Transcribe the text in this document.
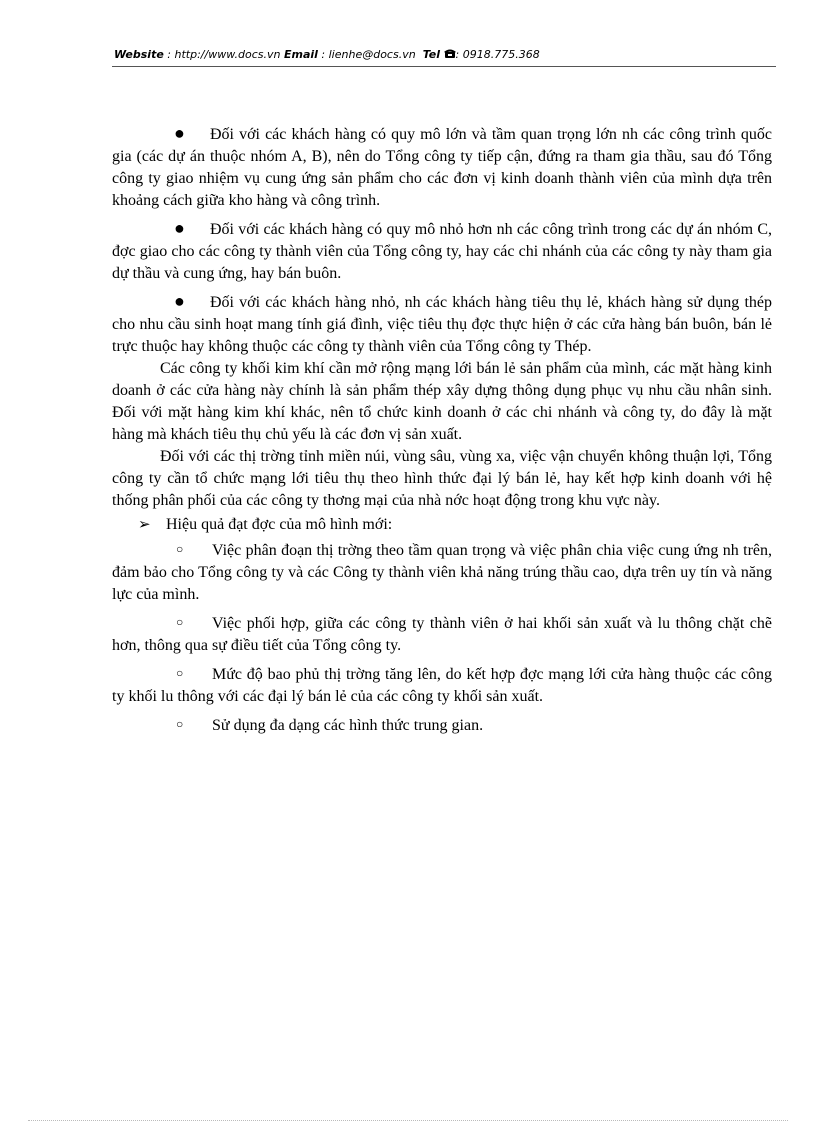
Website : http://www.docs.vn Email : lienhe@docs.vn Tel : 0918.775.368

● Đối với các khách hàng có quy mô lớn và tầm quan trọng lớn nh các công trình quốc gia (các dự án thuộc nhóm A, B), nên do Tổng công ty tiếp cận, đứng ra tham gia thầu, sau đó Tổng công ty giao nhiệm vụ cung ứng sản phẩm cho các đơn vị kinh doanh thành viên của mình dựa trên khoảng cách giữa kho hàng và công trình.

● Đối với các khách hàng có quy mô nhỏ hơn nh các công trình trong các dự án nhóm C, đợc giao cho các công ty thành viên của Tổng công ty, hay các chi nhánh của các công ty này tham gia dự thầu và cung ứng, hay bán buôn.

● Đối với các khách hàng nhỏ, nh các khách hàng tiêu thụ lẻ, khách hàng sử dụng thép cho nhu cầu sinh hoạt mang tính giá đình, việc tiêu thụ đợc thực hiện ở các cửa hàng bán buôn, bán lẻ trực thuộc hay không thuộc các công ty thành viên của Tổng công ty Thép.

Các công ty khối kim khí cần mở rộng mạng lới bán lẻ sản phẩm của mình, các mặt hàng kinh doanh ở các cửa hàng này chính là sản phẩm thép xây dựng thông dụng phục vụ nhu cầu nhân sinh. Đối với mặt hàng kim khí khác, nên tổ chức kinh doanh ở các chi nhánh và công ty, do đây là mặt hàng mà khách tiêu thụ chủ yếu là các đơn vị sản xuất.

Đối với các thị trờng tỉnh miền núi, vùng sâu, vùng xa, việc vận chuyển không thuận lợi, Tổng công ty cần tổ chức mạng lới tiêu thụ theo hình thức đại lý bán lẻ, hay kết hợp kinh doanh với hệ thống phân phối của các công ty thơng mại của nhà nớc hoạt động trong khu vực này.

➢ Hiệu quả đạt đợc của mô hình mới:

○ Việc phân đoạn thị trờng theo tầm quan trọng và việc phân chia việc cung ứng nh trên, đảm bảo cho Tổng công ty và các Công ty thành viên khả năng trúng thầu cao, dựa trên uy tín và năng lực của mình.

○ Việc phối hợp, giữa các công ty thành viên ở hai khối sản xuất và lu thông chặt chẽ hơn, thông qua sự điều tiết của Tổng công ty.

○ Mức độ bao phủ thị trờng tăng lên, do kết hợp đợc mạng lới cửa hàng thuộc các công ty khối lu thông với các đại lý bán lẻ của các công ty khối sản xuất.

○ Sử dụng đa dạng các hình thức trung gian.
